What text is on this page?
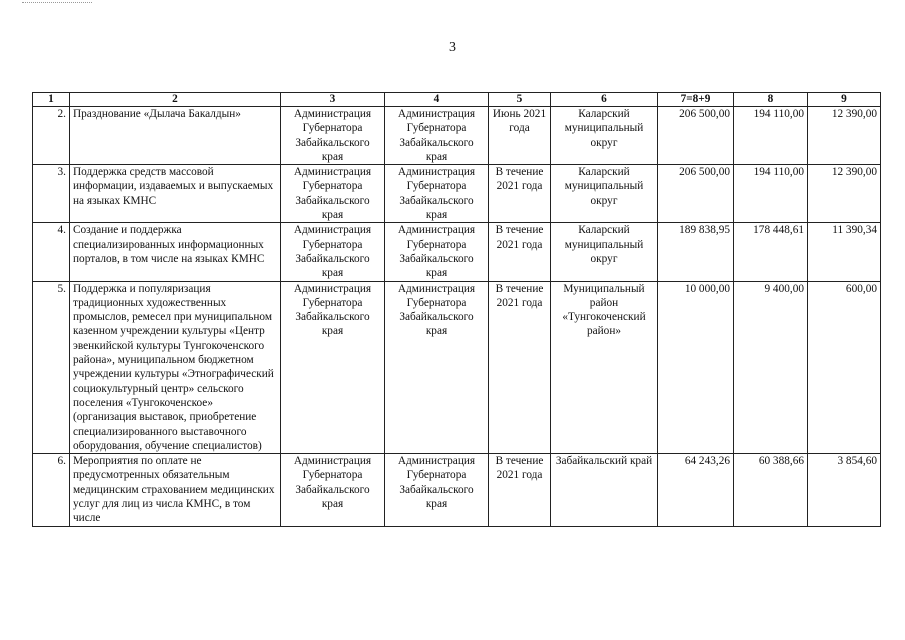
3
1	2	3	4	5	6	7=8+9	8	9
2.	Празднование «Дылача Бакалдын»	Администрация Губернатора Забайкальского края	Администрация Губернатора Забайкальского края	Июнь 2021 года	Каларский муниципальный округ	206 500,00	194 110,00	12 390,00
3.	Поддержка средств массовой информации, издаваемых и выпускаемых на языках КМНС	Администрация Губернатора Забайкальского края	Администрация Губернатора Забайкальского края	В течение 2021 года	Каларский муниципальный округ	206 500,00	194 110,00	12 390,00
4.	Создание и поддержка специализированных информационных порталов, в том числе на языках КМНС	Администрация Губернатора Забайкальского края	Администрация Губернатора Забайкальского края	В течение 2021 года	Каларский муниципальный округ	189 838,95	178 448,61	11 390,34
5.	Поддержка и популяризация традиционных художественных промыслов, ремесел при муниципальном казенном учреждении культуры «Центр эвенкийской культуры Тунгокоченского района», муниципальном бюджетном учреждении культуры «Этнографический социокультурный центр» сельского поселения «Тунгокоченское» (организация выставок, приобретение специализированного выставочного оборудования, обучение специалистов)	Администрация Губернатора Забайкальского края	Администрация Губернатора Забайкальского края	В течение 2021 года	Муниципальный район «Тунгокоченский район»	10 000,00	9 400,00	600,00
6.	Мероприятия по оплате не предусмотренных обязательным медицинским страхованием медицинских услуг для лиц из числа КМНС, в том числе	Администрация Губернатора Забайкальского края	Администрация Губернатора Забайкальского края	В течение 2021 года	Забайкальский край	64 243,26	60 388,66	3 854,60
